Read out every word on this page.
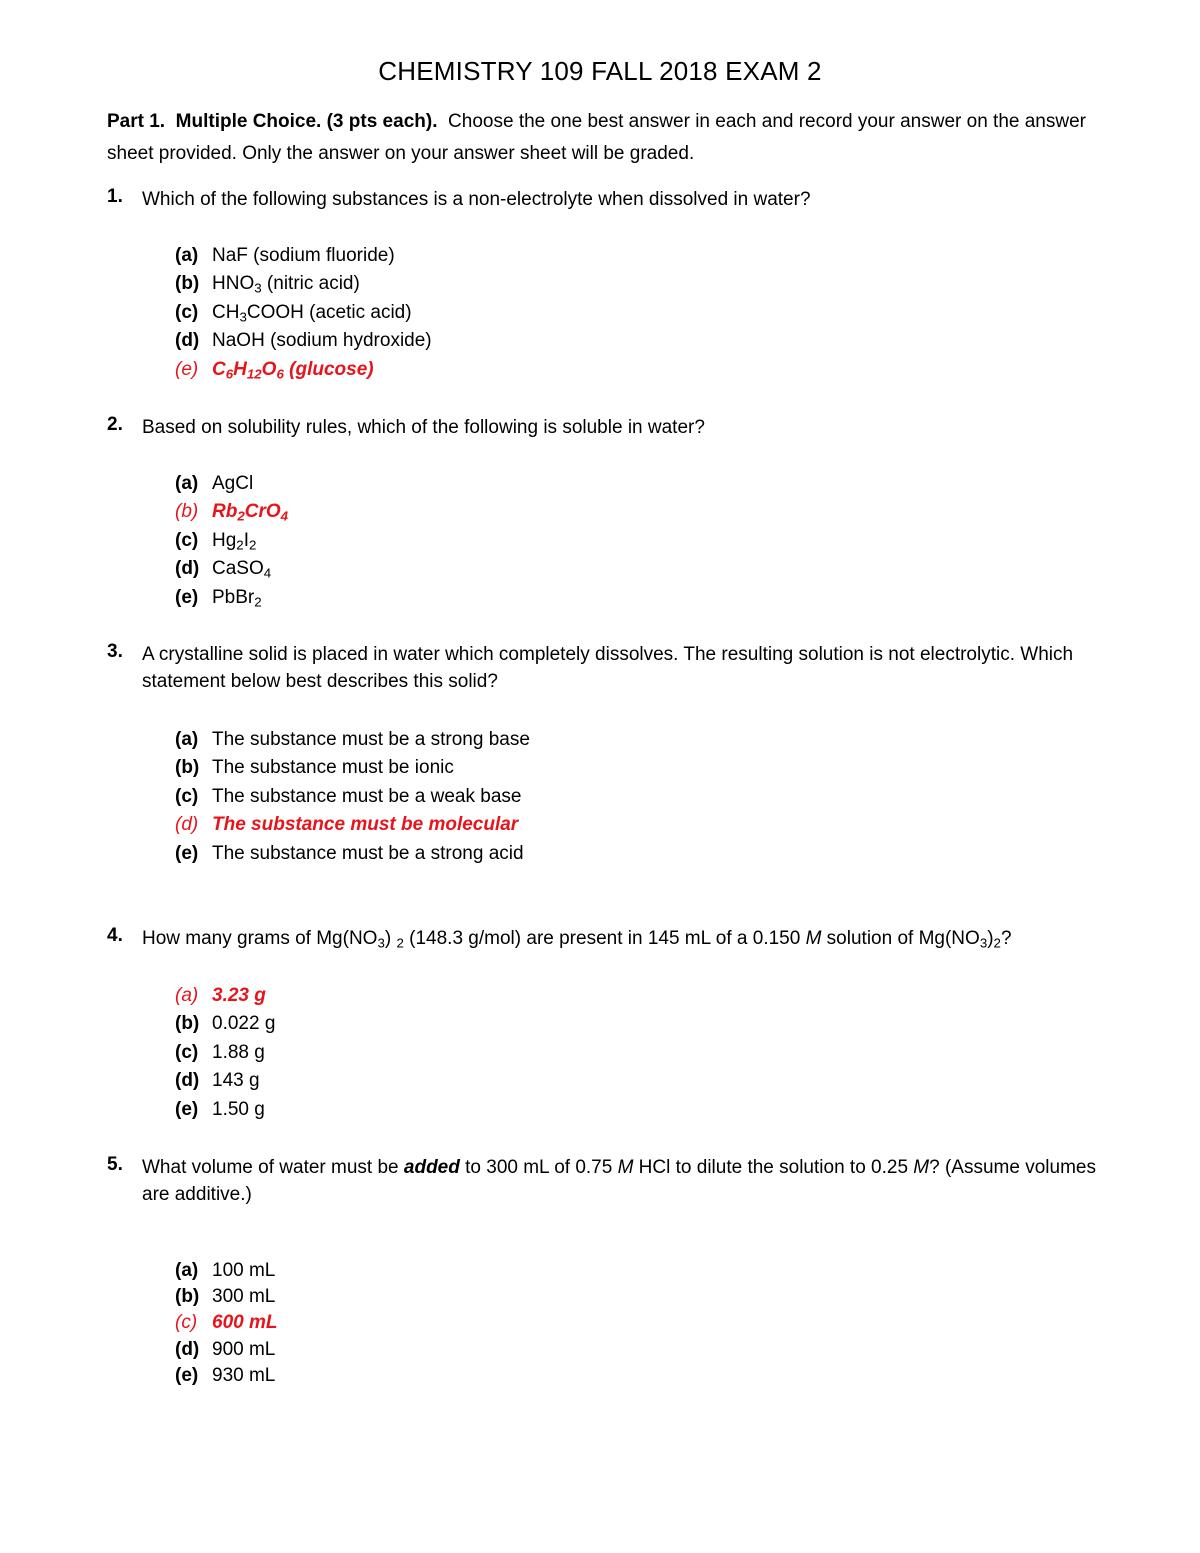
CHEMISTRY 109 FALL 2018 EXAM 2
Part 1. Multiple Choice. (3 pts each). Choose the one best answer in each and record your answer on the answer sheet provided. Only the answer on your answer sheet will be graded.
1. Which of the following substances is a non-electrolyte when dissolved in water?
(a) NaF (sodium fluoride)
(b) $HNO_3$ (nitric acid)
(c) $CH_3COOH$ (acetic acid)
(d) NaOH (sodium hydroxide)
(e) $C_6H_{12}O_6$ (glucose)
2. Based on solubility rules, which of the following is soluble in water?
(a) AgCl
(b) $Rb_2CrO_4$
(c) $Hg_2I_2$
(d) CaSO$_4$
(e) PbBr$_2$
3. A crystalline solid is placed in water which completely dissolves. The resulting solution is not electrolytic. Which statement below best describes this solid?
(a) The substance must be a strong base
(b) The substance must be ionic
(c) The substance must be a weak base
(d) The substance must be molecular
(e) The substance must be a strong acid
4. How many grams of $Mg(NO_3)$ $_2$ (148.3 g/mol) are present in 145 mL of a 0.150 M solution of $Mg(NO_3)_2$?
(a) 3.23 g
(b) 0.022 g
(c) 1.88 g
(d) 143 g
(e) 1.50 g
5. What volume of water must be added to 300 mL of 0.75 M HCl to dilute the solution to 0.25 M? (Assume volumes are additive.)
(a) 100 mL
(b) 300 mL
(c) 600 mL
(d) 900 mL
(e) 930 mL
